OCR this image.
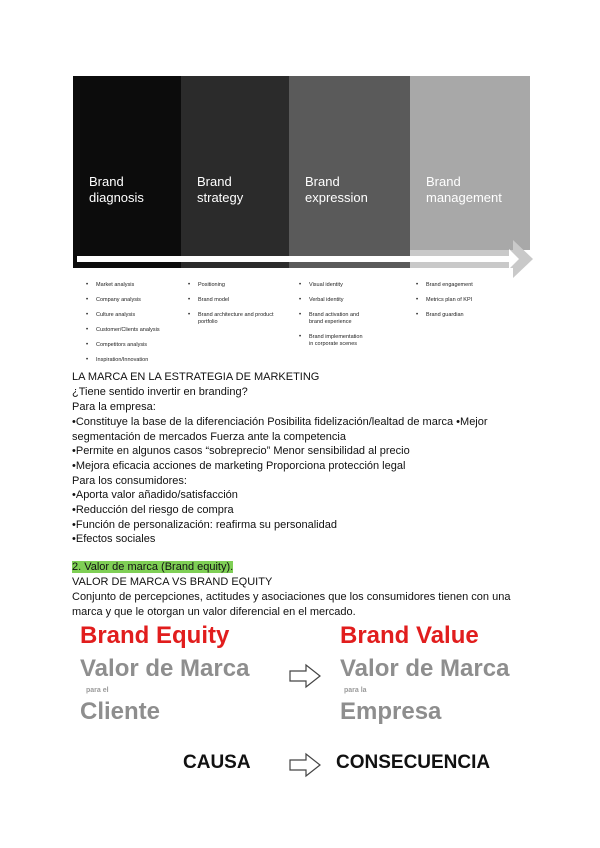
Brand
diagnosis
Brand
strategy
Brand
expression
Brand
management
• Market analysis
• Company analysis
• Culture analysis
• Customer/Clients analysis
• Competitors analysis
• Inspiration/Innovation
• Positioning
• Brand model
• Brand architecture and product
portfolio
• Visual identity
• Verbal identity
• Brand activation and
brand experience
• Brand implementation
in corporate scenes
• Brand engagement
• Metrics plan of KPI
• Brand guardian
LA MARCA EN LA ESTRATEGIA DE MARKETING
¿Tiene sentido invertir en branding?
Para la empresa:
•Constituye la base de la diferenciación Posibilita fidelización/lealtad de marca •Mejor segmentación de mercados Fuerza ante la competencia
•Permite en algunos casos “sobreprecio” Menor sensibilidad al precio
•Mejora eficacia acciones de marketing Proporciona protección legal
Para los consumidores:
•Aporta valor añadido/satisfacción
•Reducción del riesgo de compra
•Función de personalización: reafirma su personalidad
•Efectos sociales
2. Valor de marca (Brand equity).
VALOR DE MARCA VS BRAND EQUITY
Conjunto de percepciones, actitudes y asociaciones que los consumidores tienen con una marca y que le otorgan un valor diferencial en el mercado.
Brand Equity
Valor de Marca
para el
Cliente
Brand Value
Valor de Marca
para la
Empresa
CAUSA	CONSECUENCIA
